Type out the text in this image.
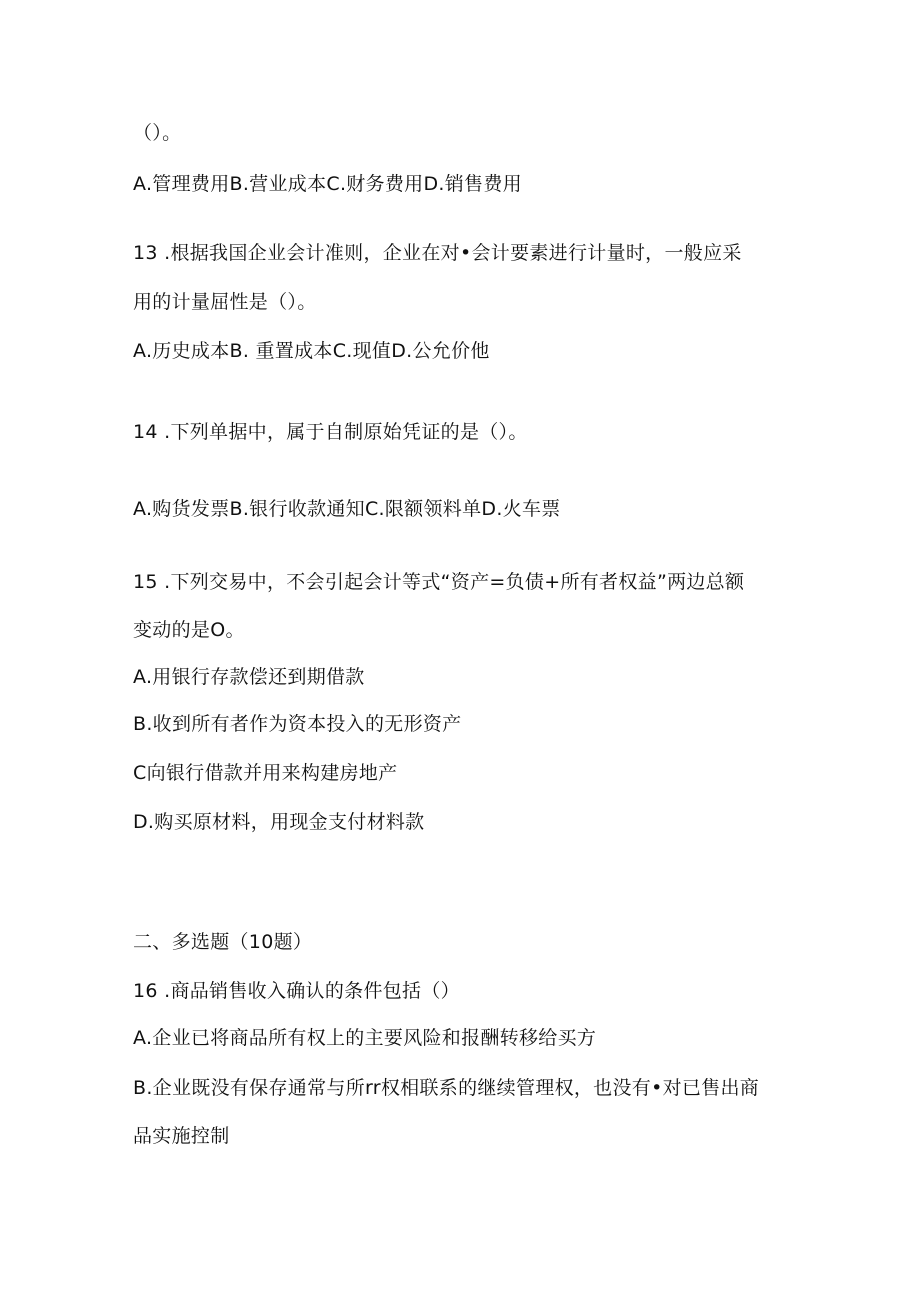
（）。
A.管理费用B.营业成本C.财务费用D.销售费用
13 .根据我国企业会计准则，企业在对•会计要素进行计量时，一般应采
用的计量屈性是（）。
A.历史成本B. 重置成本C.现值D.公允价他
14 .下列单据中，属于自制原始凭证的是（）。
A.购货发票B.银行收款通知C.限额领料单D.火车票
15 .下列交易中，不会引起会计等式“资产=负债+所有者权益”两边总额
变动的是O。
A.用银行存款偿还到期借款
B.收到所有者作为资本投入的无形资产
C向银行借款并用来构建房地产
D.购买原材料，用现金支付材料款
二、多选题（10题）
16 .商品销售收入确认的条件包括（）
A.企业已将商品所有权上的主要风险和报酬转移给买方
B.企业既没有保存通常与所rr权相联系的继续管理权，也没有•对已售出商
品实施控制
